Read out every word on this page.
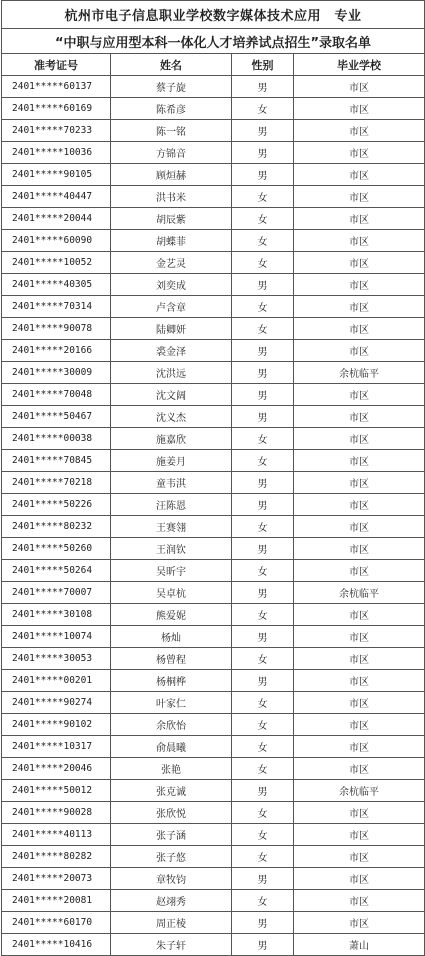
杭州市电子信息职业学校数字媒体技术应用　专业			
“中职与应用型本科一体化人才培养试点招生”录取名单			
准考证号	姓名	性别	毕业学校
2401*****60137	蔡子旋	男	市区
2401*****60169	陈希彦	女	市区
2401*****70233	陈一铭	男	市区
2401*****10036	方锦音	男	市区
2401*****90105	顾烜赫	男	市区
2401*****40447	洪书米	女	市区
2401*****20044	胡辰紫	女	市区
2401*****60090	胡蝶菲	女	市区
2401*****10052	金艺灵	女	市区
2401*****40305	刘奕成	男	市区
2401*****70314	卢含章	女	市区
2401*****90078	陆卿妍	女	市区
2401*****20166	裘金泽	男	市区
2401*****30009	沈洪远	男	余杭临平
2401*****70048	沈文阔	男	市区
2401*****50467	沈义杰	男	市区
2401*****00038	施嘉欣	女	市区
2401*****70845	施姜月	女	市区
2401*****70218	童韦淇	男	市区
2401*****50226	汪陈恩	男	市区
2401*****80232	王赛翎	女	市区
2401*****50260	王润钦	男	市区
2401*****50264	吴昕宇	女	市区
2401*****70007	吴卓杭	男	余杭临平
2401*****30108	熊爱妮	女	市区
2401*****10074	杨灿	男	市区
2401*****30053	杨曾程	女	市区
2401*****00201	杨桐桦	男	市区
2401*****90274	叶家仁	女	市区
2401*****90102	余欣怡	女	市区
2401*****10317	俞晨曦	女	市区
2401*****20046	张艳	女	市区
2401*****50012	张克诚	男	余杭临平
2401*****90028	张欣悦	女	市区
2401*****40113	张子涵	女	市区
2401*****80282	张子悠	女	市区
2401*****20073	章牧钧	男	市区
2401*****20081	赵翊秀	女	市区
2401*****60170	周正棱	男	市区
2401*****10416	朱子轩	男	萧山
